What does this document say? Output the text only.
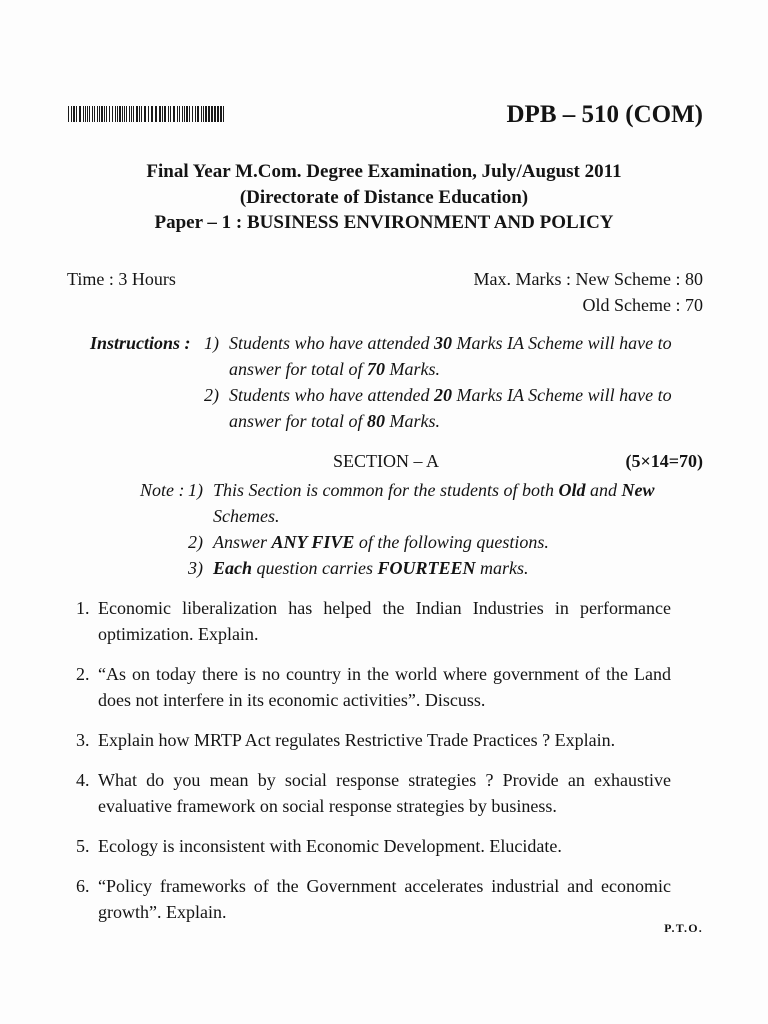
DPB – 510 (COM)
Final Year M.Com. Degree Examination, July/August 2011
(Directorate of Distance Education)
Paper – 1 : BUSINESS ENVIRONMENT AND POLICY
Time : 3 Hours	Max. Marks : New Scheme : 80
Old Scheme : 70
Instructions : 1) Students who have attended 30 Marks IA Scheme will have to answer for total of 70 Marks.
2) Students who have attended 20 Marks IA Scheme will have to answer for total of 80 Marks.
SECTION – A	(5×14=70)
Note : 1) This Section is common for the students of both Old and New Schemes.
2) Answer ANY FIVE of the following questions.
3) Each question carries FOURTEEN marks.
1. Economic liberalization has helped the Indian Industries in performance optimization. Explain.
2. “As on today there is no country in the world where government of the Land does not interfere in its economic activities”. Discuss.
3. Explain how MRTP Act regulates Restrictive Trade Practices ? Explain.
4. What do you mean by social response strategies ? Provide an exhaustive evaluative framework on social response strategies by business.
5. Ecology is inconsistent with Economic Development. Elucidate.
6. “Policy frameworks of the Government accelerates industrial and economic growth”. Explain.
P.T.O.
